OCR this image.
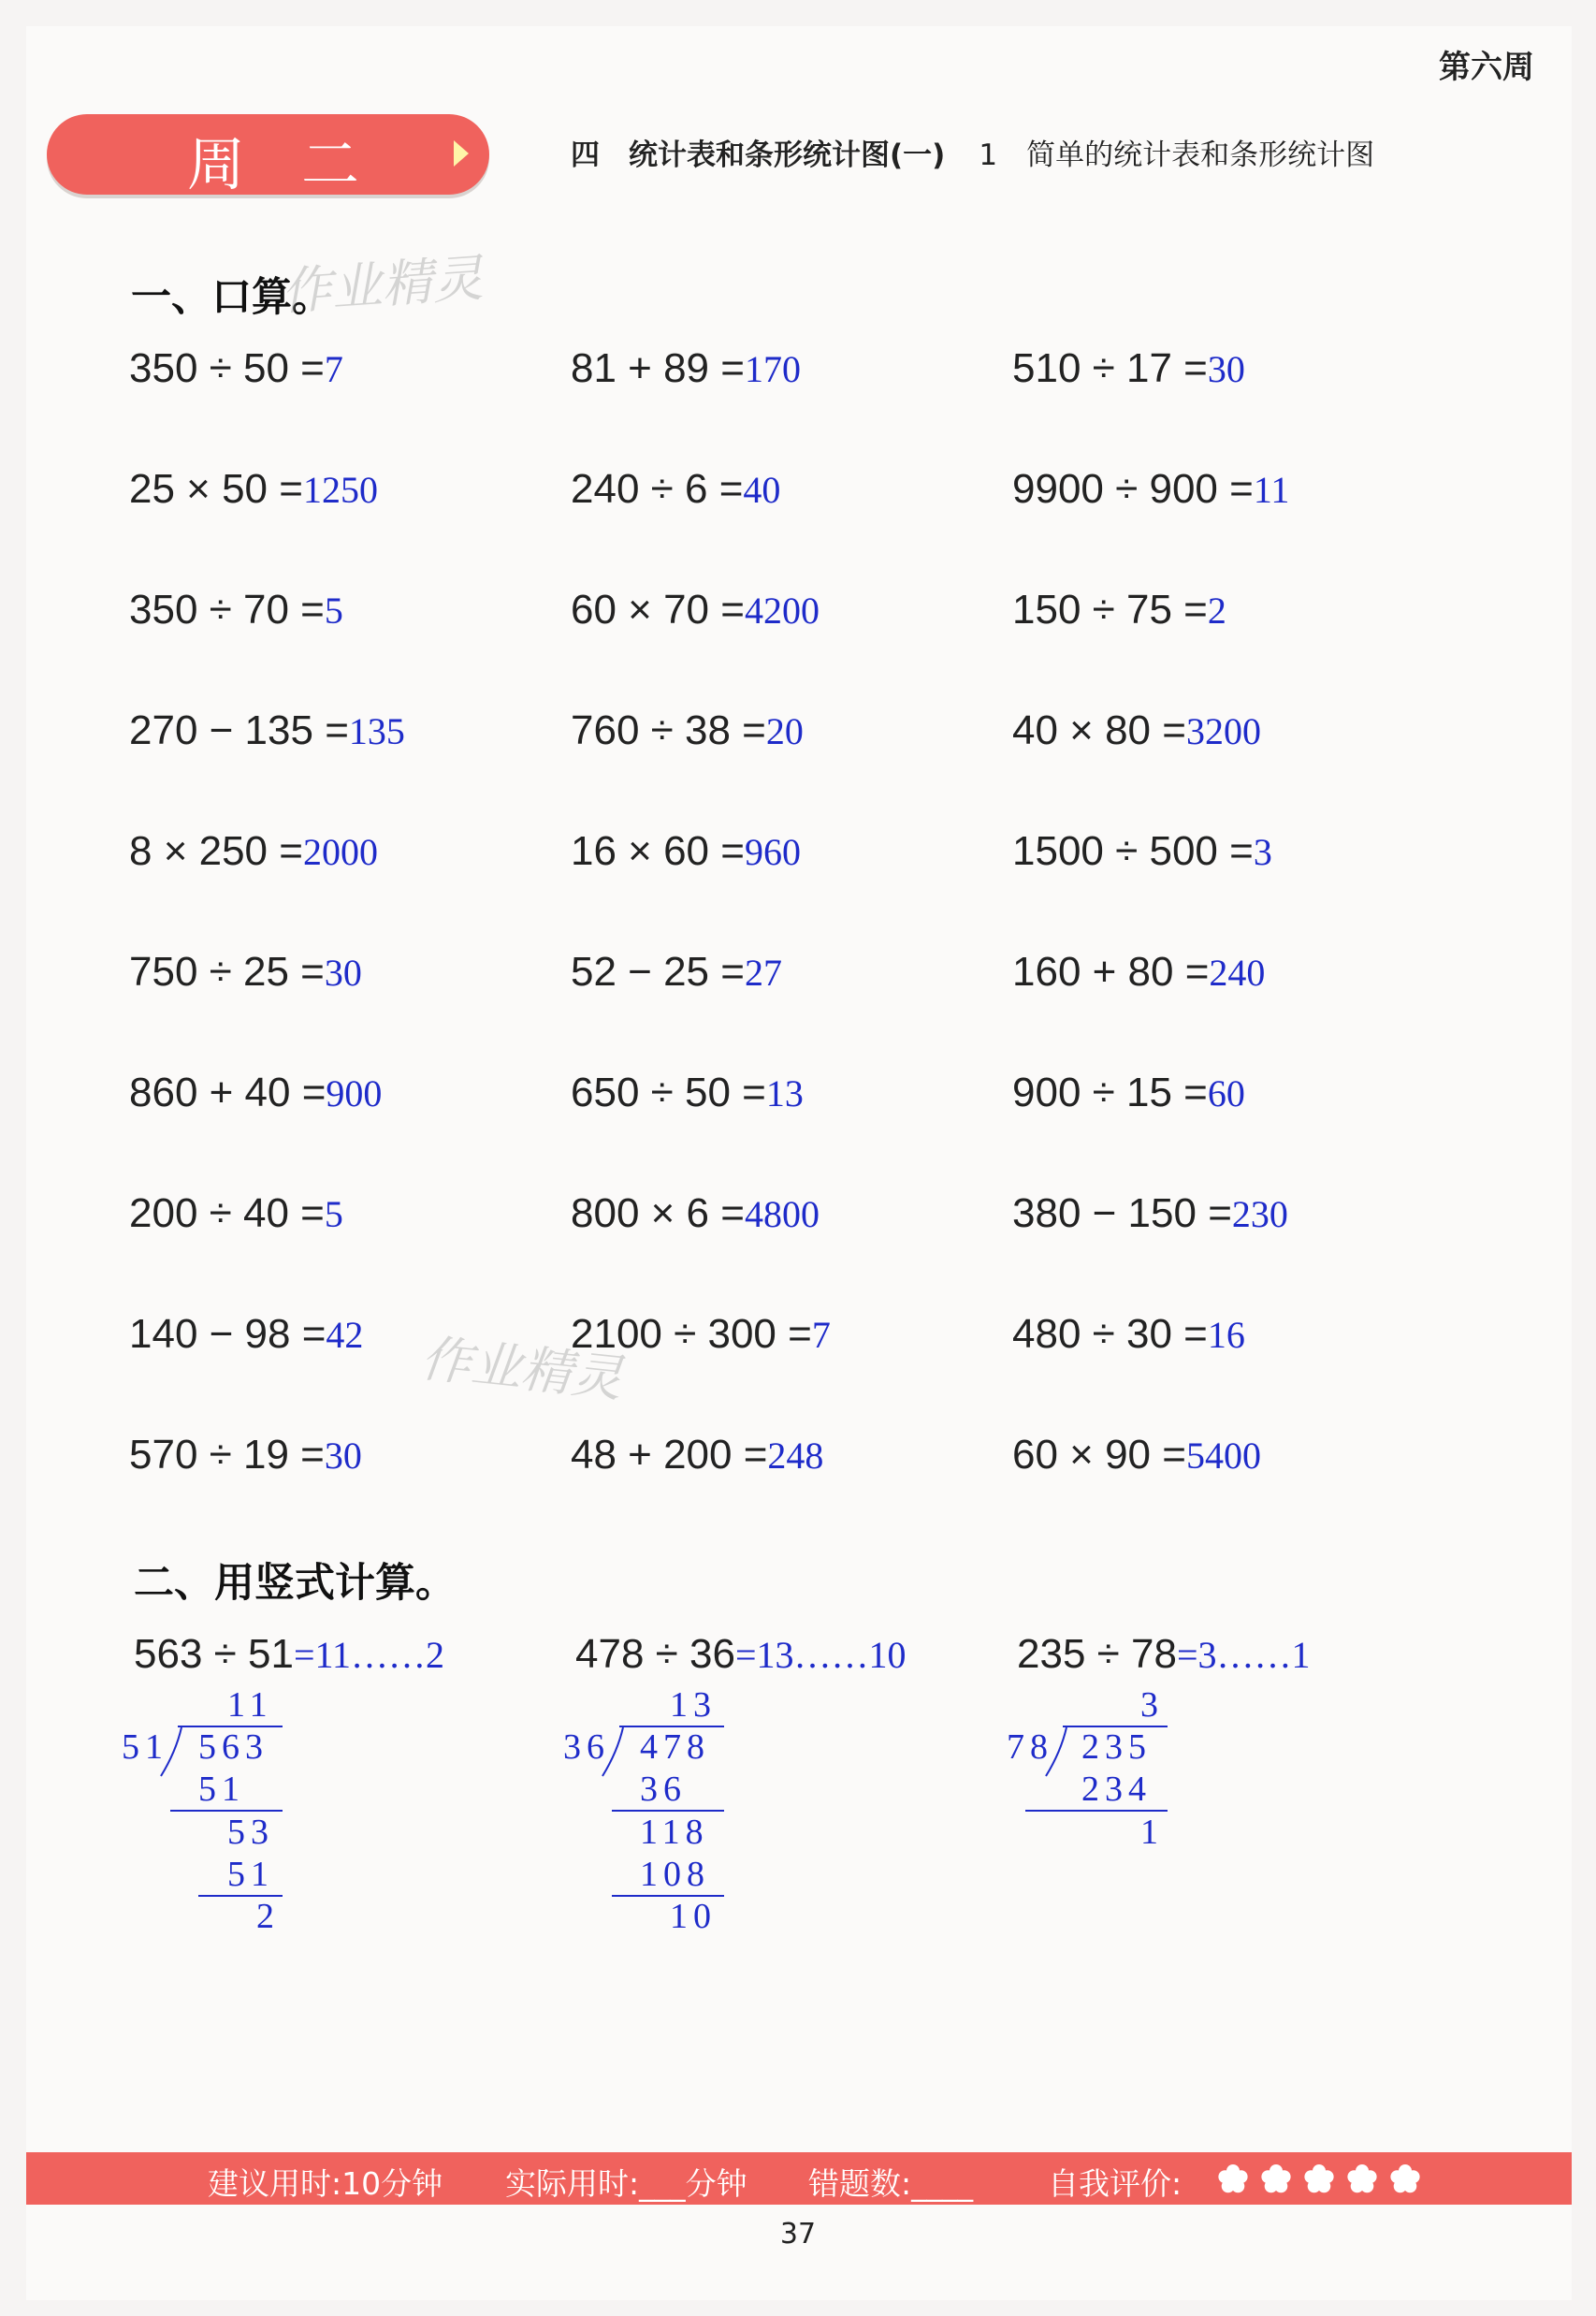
第六周
周二	四　统计表和条形统计图(一) 1　简单的统计表和条形统计图
一、口算。
作业精灵
作业精灵
350 ÷ 50 =7	81 + 89 =170	510 ÷ 17 =30
25 × 50 =1250	240 ÷ 6 =40	9900 ÷ 900 =11
350 ÷ 70 =5	60 × 70 =4200	150 ÷ 75 =2
270 − 135 =135	760 ÷ 38 =20	40 × 80 =3200
8 × 250 =2000	16 × 60 =960	1500 ÷ 500 =3
750 ÷ 25 =30	52 − 25 =27	160 + 80 =240
860 + 40 =900	650 ÷ 50 =13	900 ÷ 15 =60
200 ÷ 40 =5	800 × 6 =4800	380 − 150 =230
140 − 98 =42	2100 ÷ 300 =7	480 ÷ 30 =16
570 ÷ 19 =30	48 + 200 =248	60 × 90 =5400
二、用竖式计算。
563 ÷ 51=11……2
11
51 563
51
53
51
2
478 ÷ 36=13……10
13
36 478
36
118
108
10
235 ÷ 78=3……1
3
78 235
234
1
建议用时:10分钟 实际用时:___分钟 错题数:____ 自我评价:
37
